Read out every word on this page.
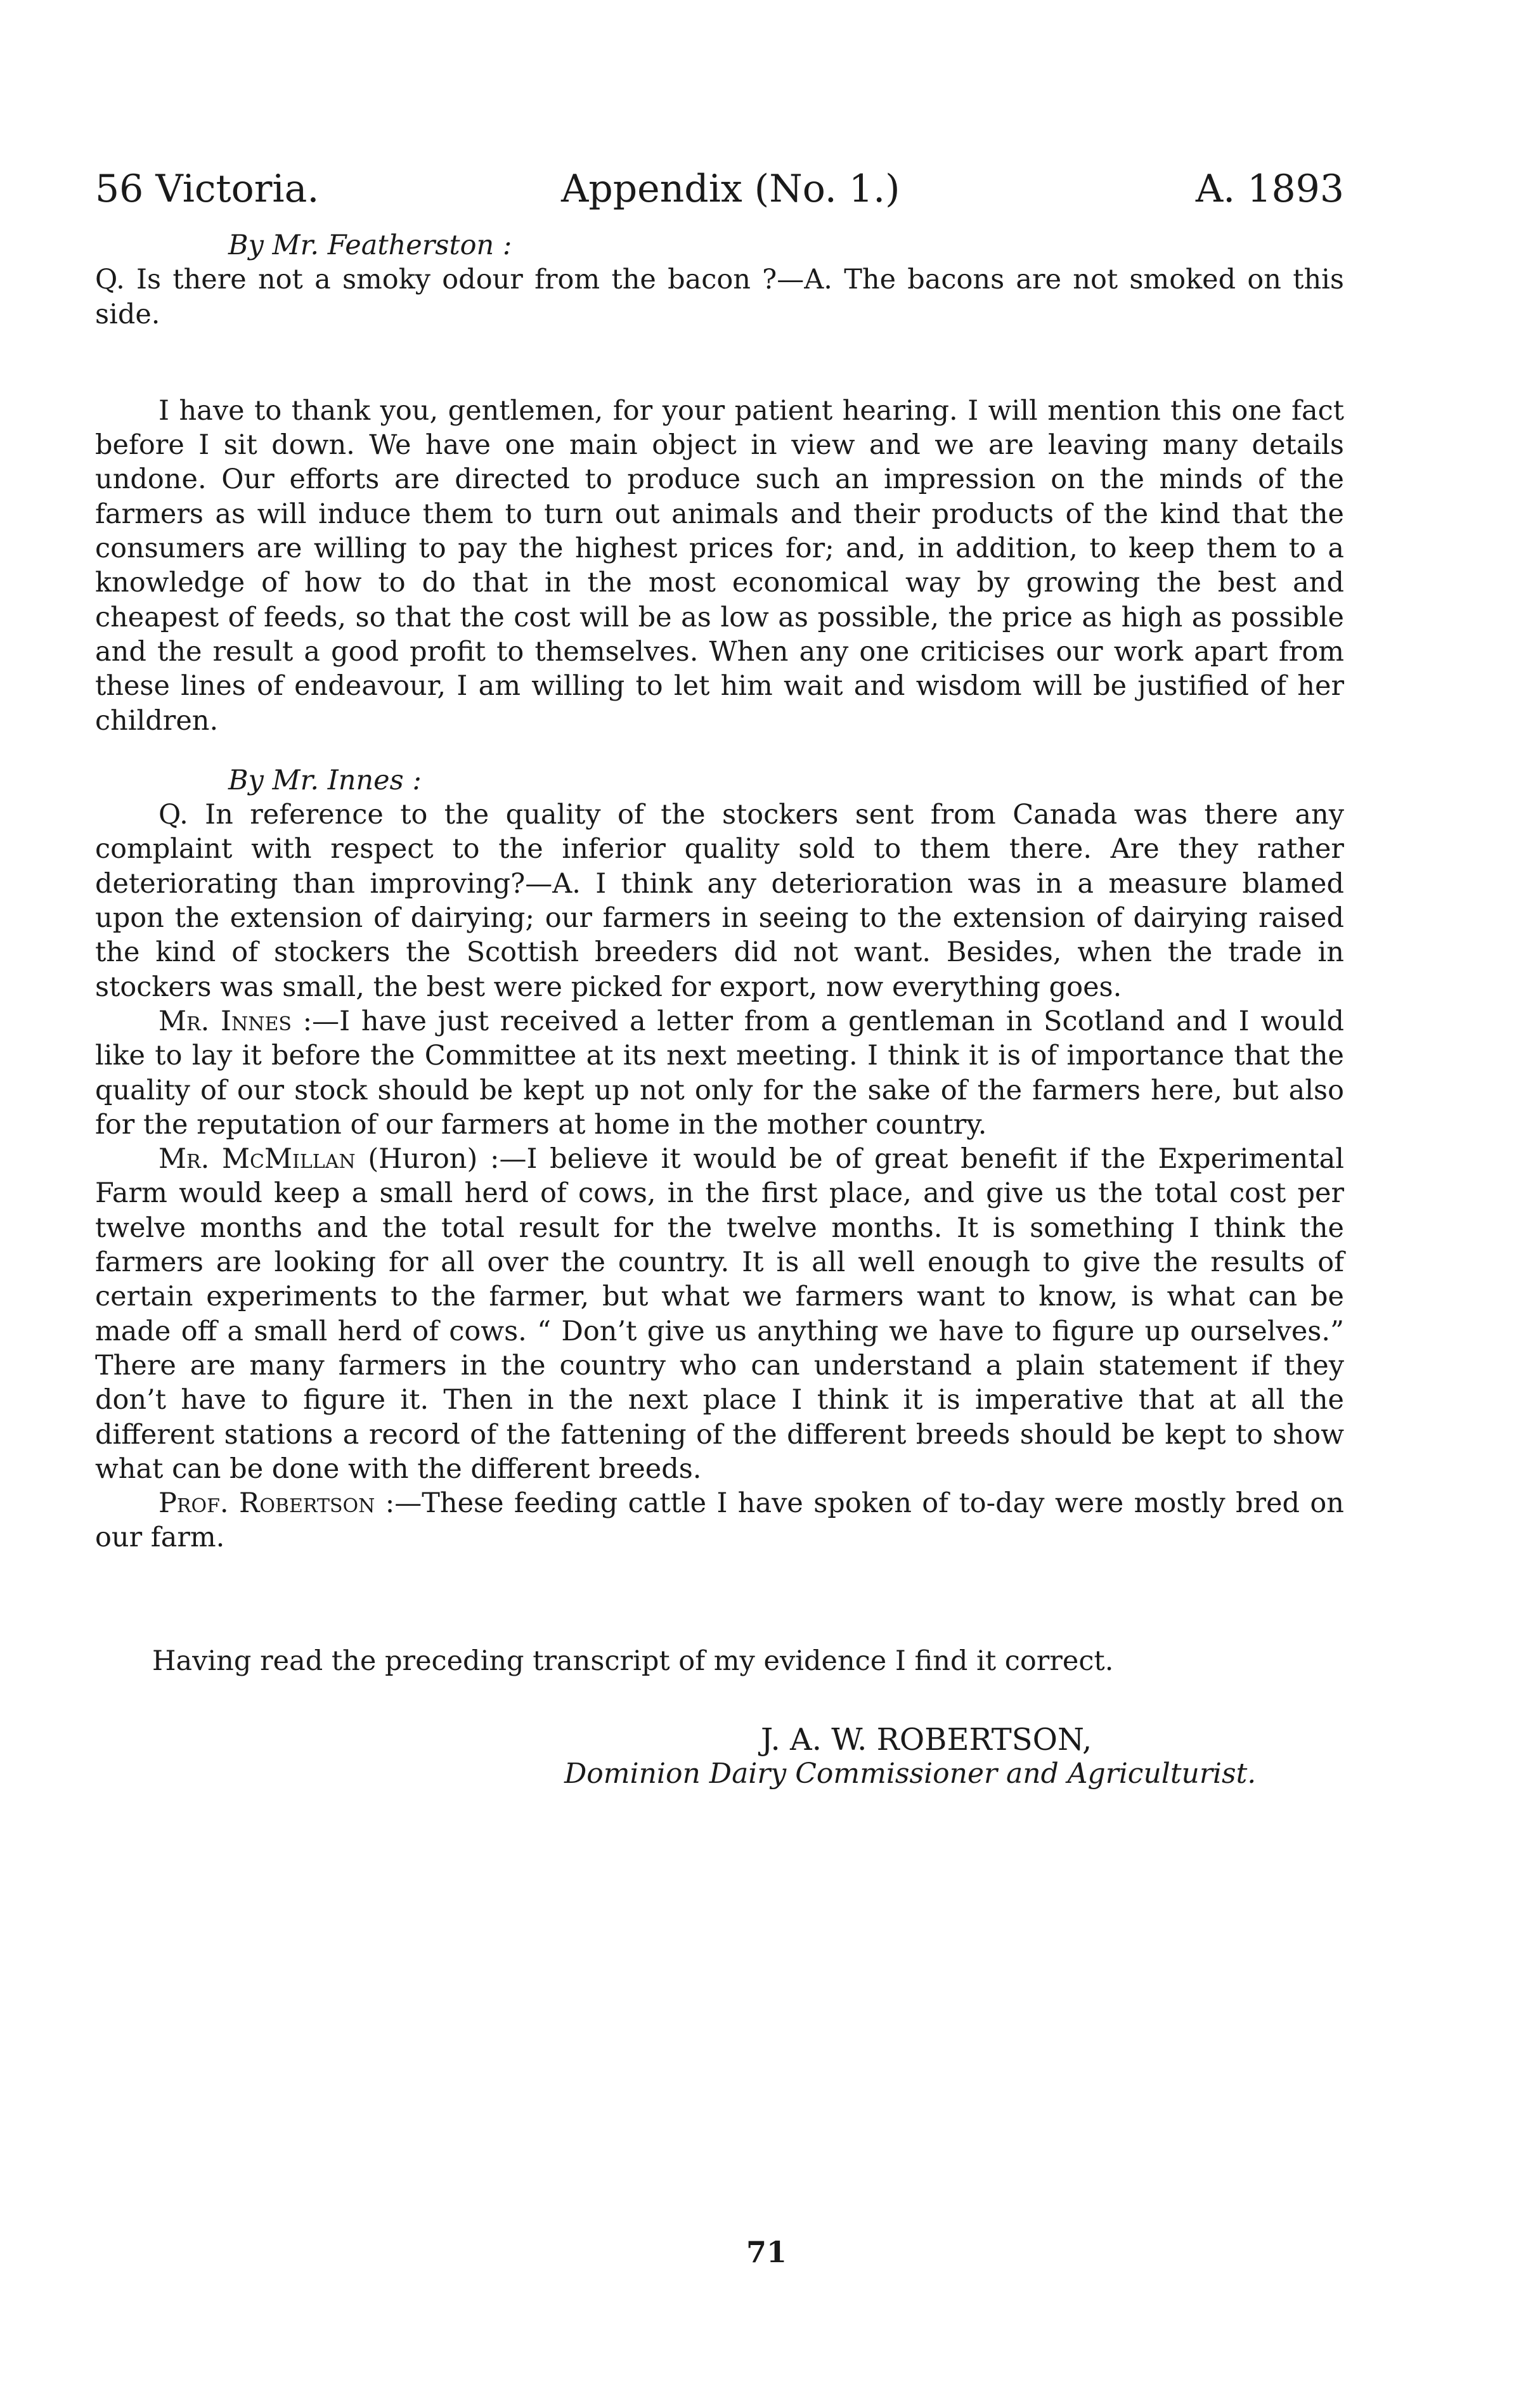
56 Victoria.	Appendix (No. 1.)	A. 1893
By Mr. Featherston :

Q. Is there not a smoky odour from the bacon ?—A. The bacons are not smoked on this side.

I have to thank you, gentlemen, for your patient hearing. I will mention this one fact before I sit down. We have one main object in view and we are leaving many details undone. Our efforts are directed to produce such an impression on the minds of the farmers as will induce them to turn out animals and their products of the kind that the consumers are willing to pay the highest prices for; and, in addition, to keep them to a knowledge of how to do that in the most economical way by growing the best and cheapest of feeds, so that the cost will be as low as possible, the price as high as possible and the result a good profit to themselves. When any one criticises our work apart from these lines of endeavour, I am willing to let him wait and wisdom will be justified of her children.

By Mr. Innes :

Q. In reference to the quality of the stockers sent from Canada was there any complaint with respect to the inferior quality sold to them there. Are they rather deteriorating than improving?—A. I think any deterioration was in a measure blamed upon the extension of dairying; our farmers in seeing to the extension of dairying raised the kind of stockers the Scottish breeders did not want. Besides, when the trade in stockers was small, the best were picked for export, now everything goes.

Mr. Innes :—I have just received a letter from a gentleman in Scotland and I would like to lay it before the Committee at its next meeting. I think it is of importance that the quality of our stock should be kept up not only for the sake of the farmers here, but also for the reputation of our farmers at home in the mother country.

Mr. McMillan (Huron) :—I believe it would be of great benefit if the Experimental Farm would keep a small herd of cows, in the first place, and give us the total cost per twelve months and the total result for the twelve months. It is something I think the farmers are looking for all over the country. It is all well enough to give the results of certain experiments to the farmer, but what we farmers want to know, is what can be made off a small herd of cows. “ Don’t give us anything we have to figure up ourselves.” There are many farmers in the country who can understand a plain statement if they don’t have to figure it. Then in the next place I think it is imperative that at all the different stations a record of the fattening of the different breeds should be kept to show what can be done with the different breeds.

Prof. Robertson :—These feeding cattle I have spoken of to-day were mostly bred on our farm.

Having read the preceding transcript of my evidence I find it correct.

J. A. W. ROBERTSON,
Dominion Dairy Commissioner and Agriculturist.
71
